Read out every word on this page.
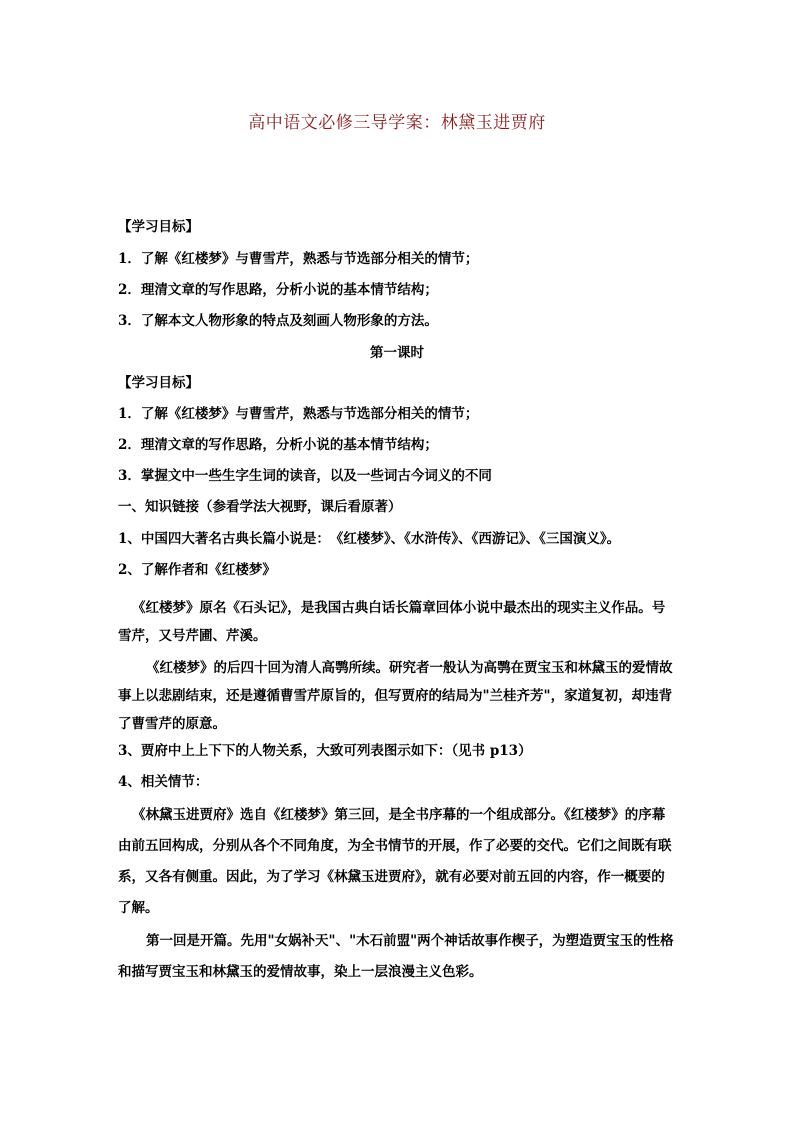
高中语文必修三导学案：林黛玉进贾府
【学习目标】
1．了解《红楼梦》与曹雪芹，熟悉与节选部分相关的情节；
2．理清文章的写作思路，分析小说的基本情节结构；
3．了解本文人物形象的特点及刻画人物形象的方法。
第一课时
【学习目标】
1．了解《红楼梦》与曹雪芹，熟悉与节选部分相关的情节；
2．理清文章的写作思路，分析小说的基本情节结构；
3．掌握文中一些生字生词的读音，以及一些词古今词义的不同
一、知识链接（参看学法大视野，课后看原著）
1、中国四大著名古典长篇小说是：　《红楼梦》、《水浒传》、《西游记》、《三国演义》。
2、了解作者和《红楼梦》
《红楼梦》原名《石头记》，是我国古典白话长篇章回体小说中最杰出的现实主义作品。号雪芹，又号芹圃、芹溪。
《红楼梦》的后四十回为清人高鹗所续。研究者一般认为高鹗在贾宝玉和林黛玉的爱情故事上以悲剧结束，还是遵循曹雪芹原旨的，但写贾府的结局为"兰桂齐芳"，家道复初，却违背了曹雪芹的原意。
3、贾府中上上下下的人物关系，大致可列表图示如下：（见书 p13）
4、相关情节：
《林黛玉进贾府》选自《红楼梦》第三回，是全书序幕的一个组成部分。《红楼梦》的序幕由前五回构成，分别从各个不同角度，为全书情节的开展，作了必要的交代。它们之间既有联系，又各有侧重。因此，为了学习《林黛玉进贾府》，就有必要对前五回的内容，作一概要的了解。
第一回是开篇。先用"女娲补天"、"木石前盟"两个神话故事作楔子，为塑造贾宝玉的性格和描写贾宝玉和林黛玉的爱情故事，染上一层浪漫主义色彩。
